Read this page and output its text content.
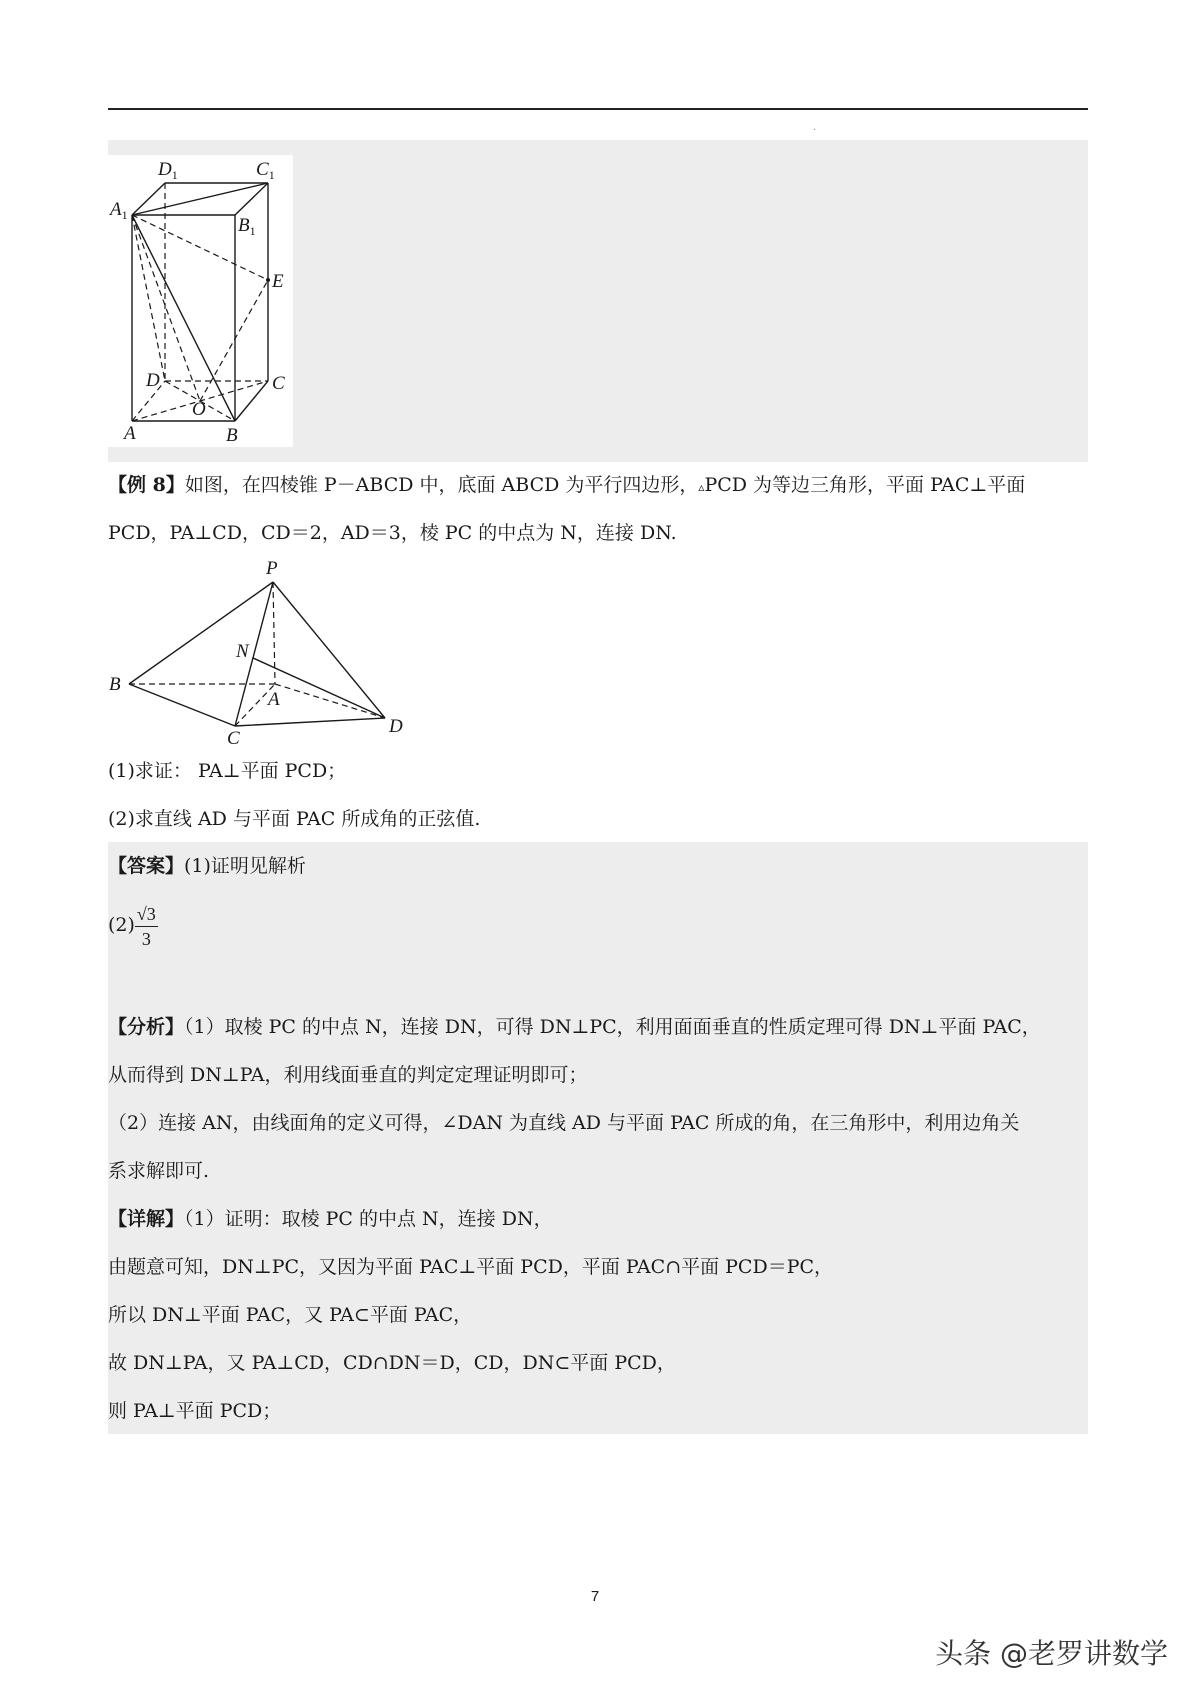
·
$D_1$	$C_1$
$A_1$	$B_1$
E
D	C
O
A	B
【例 8】如图，在四棱锥 P－ABCD 中，底面 ABCD 为平行四边形，▵PCD 为等边三角形，平面 PAC⊥平面
PCD，PA⊥CD，CD＝2，AD＝3，棱 PC 的中点为 N，连接 DN.
P
N
B
A
D
C
(1)求证： PA⊥平面 PCD；
(2)求直线 AD 与平面 PAC 所成角的正弦值.
【答案】(1)证明见解析
$(2) \frac{√3}{3}$
【分析】（1）取棱 PC 的中点 N，连接 DN，可得 DN⊥PC，利用面面垂直的性质定理可得 DN⊥平面 PAC，
从而得到 DN⊥PA，利用线面垂直的判定定理证明即可；
（2）连接 AN，由线面角的定义可得，∠DAN 为直线 AD 与平面 PAC 所成的角，在三角形中，利用边角关
系求解即可.
【详解】（1）证明：取棱 PC 的中点 N，连接 DN，
由题意可知，DN⊥PC，又因为平面 PAC⊥平面 PCD，平面 PAC∩平面 PCD＝PC，
所以 DN⊥平面 PAC，又 PA⊂平面 PAC，
故 DN⊥PA，又 PA⊥CD，CD∩DN＝D，CD，DN⊂平面 PCD，
则 PA⊥平面 PCD；
7
头条 @老罗讲数学
